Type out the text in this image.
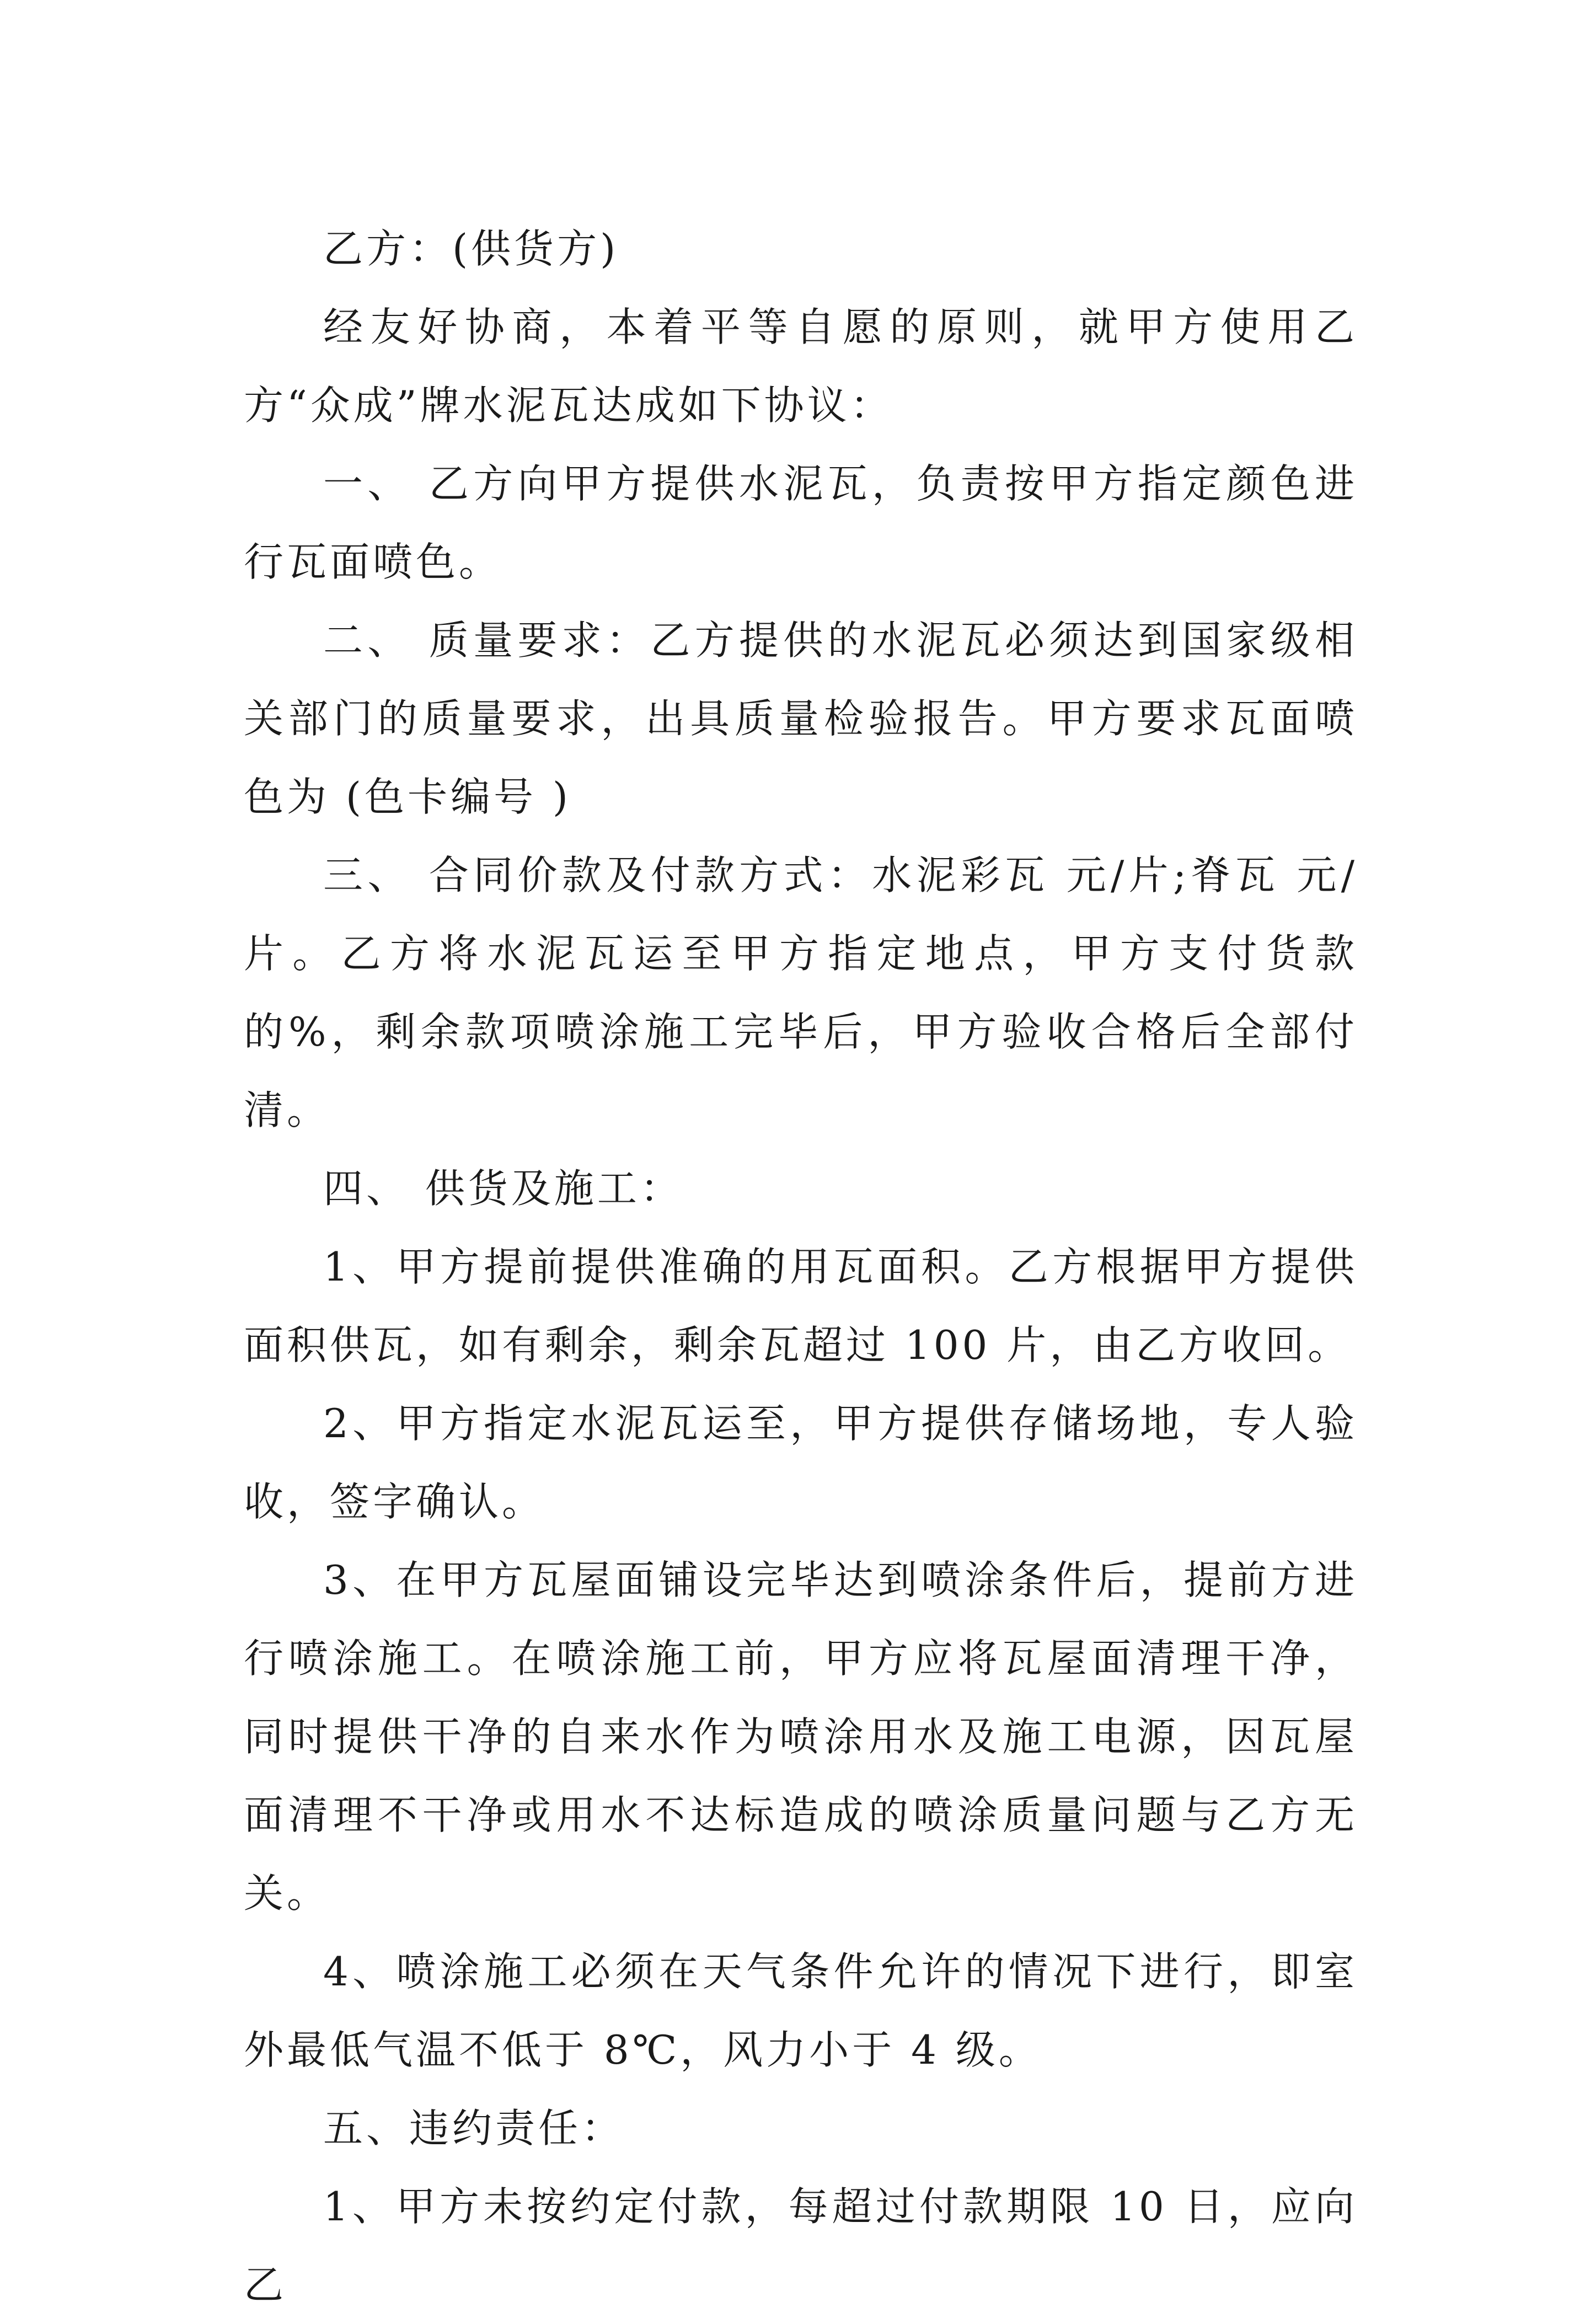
乙方：(供货方)

经友好协商，本着平等自愿的原则，就甲方使用乙方“众成”牌水泥瓦达成如下协议：

一、 乙方向甲方提供水泥瓦，负责按甲方指定颜色进行瓦面喷色。

二、 质量要求：乙方提供的水泥瓦必须达到国家级相关部门的质量要求，出具质量检验报告。甲方要求瓦面喷色为 (色卡编号 )

三、 合同价款及付款方式：水泥彩瓦 元/片;脊瓦 元/片。乙方将水泥瓦运至甲方指定地点，甲方支付货款的%，剩余款项喷涂施工完毕后，甲方验收合格后全部付清。

四、 供货及施工：

1、甲方提前提供准确的用瓦面积。乙方根据甲方提供面积供瓦，如有剩余，剩余瓦超过 100 片，由乙方收回。

2、甲方指定水泥瓦运至，甲方提供存储场地，专人验收，签字确认。

3、在甲方瓦屋面铺设完毕达到喷涂条件后，提前方进行喷涂施工。在喷涂施工前，甲方应将瓦屋面清理干净，同时提供干净的自来水作为喷涂用水及施工电源，因瓦屋面清理不干净或用水不达标造成的喷涂质量问题与乙方无关。

4、喷涂施工必须在天气条件允许的情况下进行，即室外最低气温不低于 8℃，风力小于 4 级。

五、违约责任：

1、甲方未按约定付款，每超过付款期限 10 日，应向乙
